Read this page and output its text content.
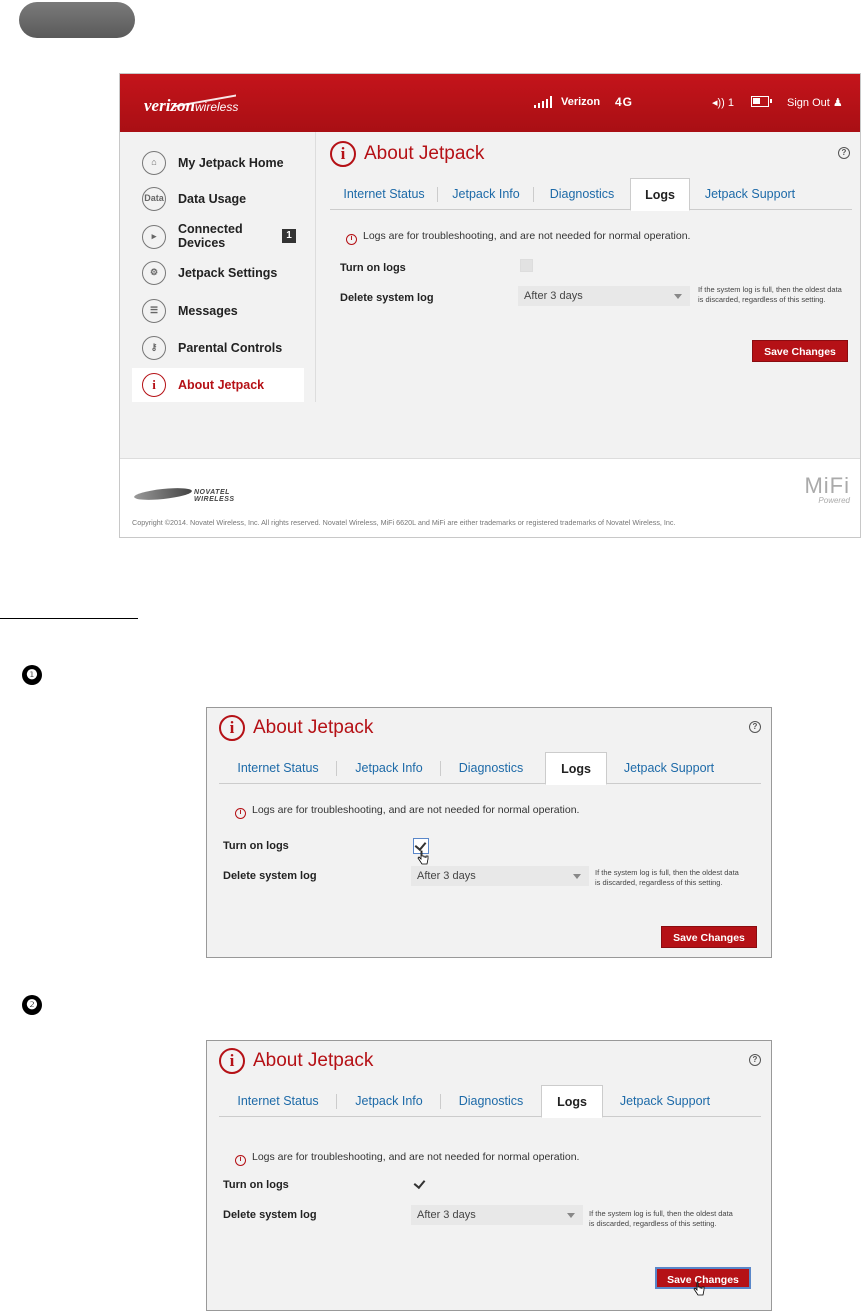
verizonwireless	Verizon 4G	◂)) 1	Sign Out ♟
⌂	My Jetpack Home
Data Data Usage
▸	Connected Devices
1
⚙	Jetpack Settings
☰	Messages
⚷	Parental Controls
i	About Jetpack
i About Jetpack	?
Internet Status	Jetpack Info	Diagnostics	Logs	Jetpack Support
i Logs are for troubleshooting, and are not needed for normal operation.
Turn on logs
Delete system log	After 3 days
If the system log is full, then the oldest data is discarded, regardless of this setting.
Save Changes
NOVATEL WIRELESS
MiFi
Powered
Copyright ©2014. Novatel Wireless, Inc. All rights reserved. Novatel Wireless, MiFi 6620L and MiFi are either trademarks or registered trademarks of Novatel Wireless, Inc.
❶
i About Jetpack	?
Internet Status	Jetpack Info	Diagnostics	Logs	Jetpack Support
i Logs are for troubleshooting, and are not needed for normal operation.
Turn on logs
Delete system log	After 3 days	If the system log is full, then the oldest data is discarded, regardless of this setting.
Save Changes
❷
i About Jetpack	?
Internet Status	Jetpack Info	Diagnostics	Logs	Jetpack Support
i Logs are for troubleshooting, and are not needed for normal operation.
Turn on logs
Delete system log	After 3 days	If the system log is full, then the oldest data is discarded, regardless of this setting.
Save Changes
